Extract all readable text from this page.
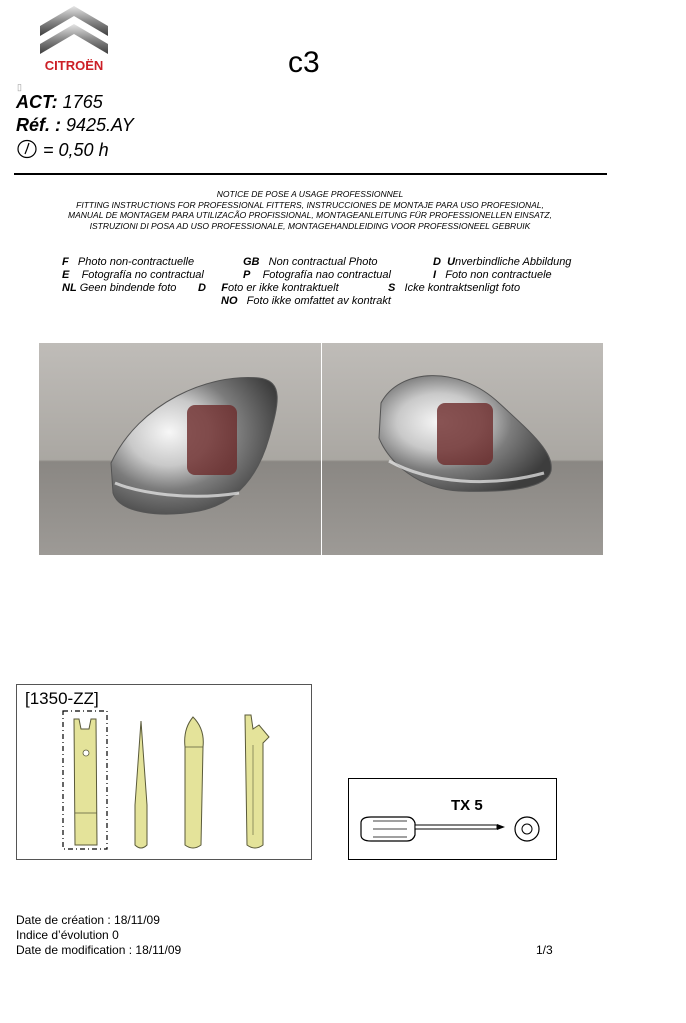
CITROËN	c3
▯
ACT: 1765
Réf. : 9425.AY
= 0,50 h
NOTICE DE POSE A USAGE PROFESSIONNEL
FITTING INSTRUCTIONS FOR PROFESSIONAL FITTERS, INSTRUCCIONES DE MONTAJE PARA USO PROFESIONAL,
MANUAL DE MONTAGEM PARA UTILIZACÃO PROFISSIONAL, MONTAGEANLEITUNG FÜR PROFESSIONELLEN EINSATZ,
ISTRUZIONI DI POSA AD USO PROFESSIONALE, MONTAGEHANDLEIDING VOOR PROFESSIONEEL GEBRUIK
F Photo non-contractuelle	GB Non contractual Photo	D Unverbindliche Abbildung
E Fotografía no contractual	P Fotografía nao contractual	I Foto non contractuele
NL Geen bindende foto D Foto er ikke kontraktuelt	S Icke kontraktsenligt foto
NO Foto ikke omfattet av kontrakt
[1350-ZZ]
TX 5
Date de création : 18/11/09
Indice d’évolution 0
Date de modification : 18/11/09	1/3
